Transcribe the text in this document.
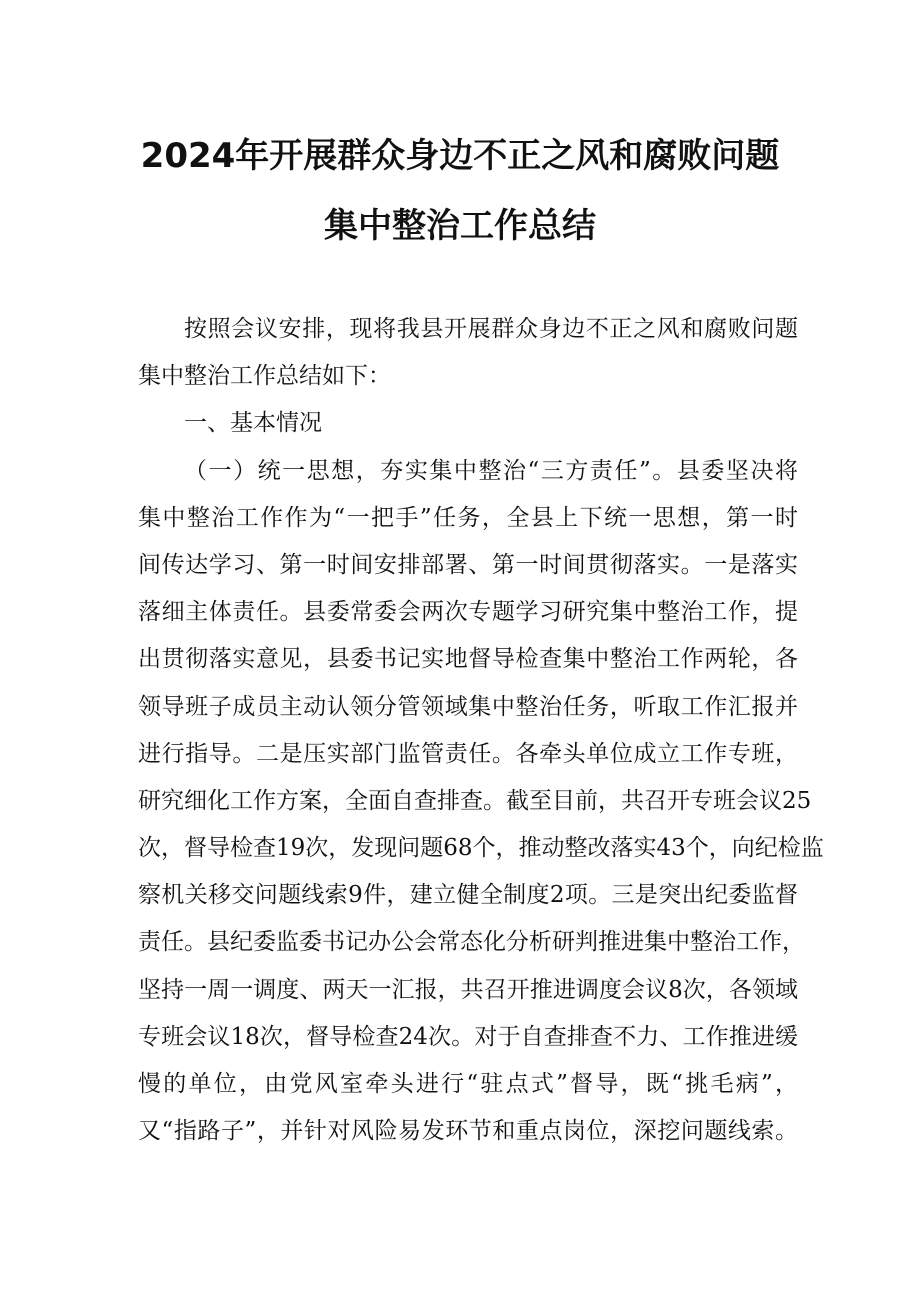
2024年开展群众身边不正之风和腐败问题
集中整治工作总结
按照会议安排，现将我县开展群众身边不正之风和腐败问题
集中整治工作总结如下：
一、基本情况
（一）统一思想，夯实集中整治“三方责任”。县委坚决将
集中整治工作作为“一把手”任务，全县上下统一思想，第一时
间传达学习、第一时间安排部署、第一时间贯彻落实。一是落实
落细主体责任。县委常委会两次专题学习研究集中整治工作，提
出贯彻落实意见，县委书记实地督导检查集中整治工作两轮，各
领导班子成员主动认领分管领域集中整治任务，听取工作汇报并
进行指导。二是压实部门监管责任。各牵头单位成立工作专班，
研究细化工作方案，全面自查排查。截至目前，共召开专班会议25
次，督导检查19次，发现问题68个，推动整改落实43个，向纪检监
察机关移交问题线索9件，建立健全制度2项。三是突出纪委监督
责任。县纪委监委书记办公会常态化分析研判推进集中整治工作，
坚持一周一调度、两天一汇报，共召开推进调度会议8次，各领域
专班会议18次，督导检查24次。对于自查排查不力、工作推进缓
慢的单位，由党风室牵头进行“驻点式”督导，既“挑毛病”，
又“指路子”，并针对风险易发环节和重点岗位，深挖问题线索。
